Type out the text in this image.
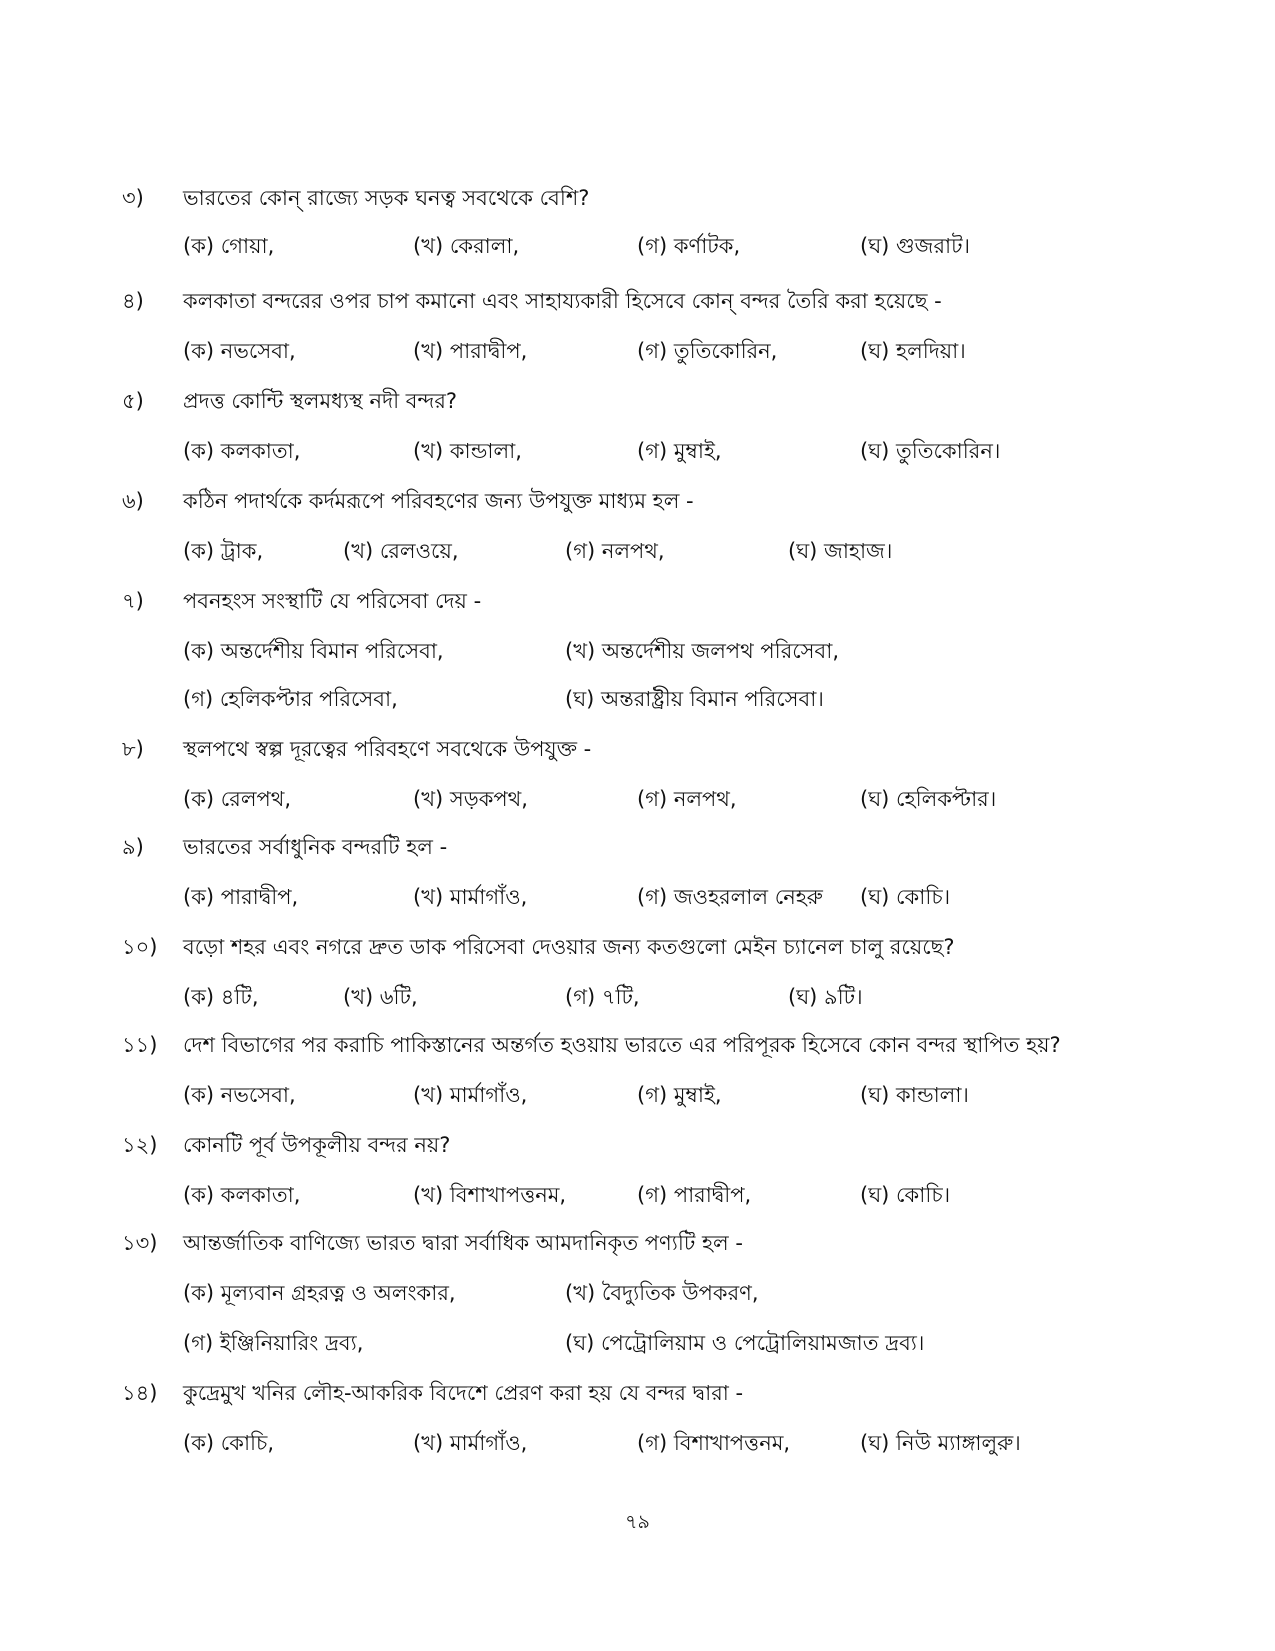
৩) ভারতের কোন্ রাজ্যে সড়ক ঘনত্ব সবথেকে বেশি?
(ক) গোয়া,	(খ) কেরালা,	(গ) কর্ণাটক,	(ঘ) গুজরাট।
৪) কলকাতা বন্দরের ওপর চাপ কমানো এবং সাহায্যকারী হিসেবে কোন্ বন্দর তৈরি করা হয়েছে -
(ক) নভসেবা,	(খ) পারাদ্বীপ,	(গ) তুতিকোরিন,	(ঘ) হলদিয়া।
৫) প্রদত্ত কোন্টি স্থলমধ্যস্থ নদী বন্দর?
(ক) কলকাতা,	(খ) কান্ডালা,	(গ) মুম্বাই,	(ঘ) তুতিকোরিন।
৬) কঠিন পদার্থকে কর্দমরূপে পরিবহণের জন্য উপযুক্ত মাধ্যম হল -
(ক) ট্রাক,	(খ) রেলওয়ে,	(গ) নলপথ,	(ঘ) জাহাজ।
৭) পবনহংস সংস্থাটি যে পরিসেবা দেয় -
(ক) অন্তর্দেশীয় বিমান পরিসেবা,	(খ) অন্তর্দেশীয় জলপথ পরিসেবা,
(গ) হেলিকপ্টার পরিসেবা,	(ঘ) অন্তরাষ্ট্রীয় বিমান পরিসেবা।
৮) স্থলপথে স্বল্প দূরত্বের পরিবহণে সবথেকে উপযুক্ত -
(ক) রেলপথ,	(খ) সড়কপথ,	(গ) নলপথ,	(ঘ) হেলিকপ্টার।
৯) ভারতের সর্বাধুনিক বন্দরটি হল -
(ক) পারাদ্বীপ,	(খ) মার্মাগাঁও,	(গ) জওহরলাল নেহরু (ঘ) কোচি।
১০) বড়ো শহর এবং নগরে দ্রুত ডাক পরিসেবা দেওয়ার জন্য কতগুলো মেইন চ্যানেল চালু রয়েছে?
(ক) ৪টি,	(খ) ৬টি,	(গ) ৭টি,	(ঘ) ৯টি।
১১) দেশ বিভাগের পর করাচি পাকিস্তানের অন্তর্গত হওয়ায় ভারতে এর পরিপূরক হিসেবে কোন বন্দর স্থাপিত হয়?
(ক) নভসেবা,	(খ) মার্মাগাঁও,	(গ) মুম্বাই,	(ঘ) কান্ডালা।
১২) কোনটি পূর্ব উপকূলীয় বন্দর নয়?
(ক) কলকাতা,	(খ) বিশাখাপত্তনম,	(গ) পারাদ্বীপ,	(ঘ) কোচি।
১৩) আন্তর্জাতিক বাণিজ্যে ভারত দ্বারা সর্বাধিক আমদানিকৃত পণ্যটি হল -
(ক) মূল্যবান গ্রহরত্ন ও অলংকার,	(খ) বৈদ্যুতিক উপকরণ,
(গ) ইঞ্জিনিয়ারিং দ্রব্য,	(ঘ) পেট্রোলিয়াম ও পেট্রোলিয়ামজাত দ্রব্য।
১৪) কুদ্রেমুখ খনির লৌহ-আকরিক বিদেশে প্রেরণ করা হয় যে বন্দর দ্বারা -
(ক) কোচি,	(খ) মার্মাগাঁও,	(গ) বিশাখাপত্তনম,	(ঘ) নিউ ম্যাঙ্গালুরু।
৭৯
